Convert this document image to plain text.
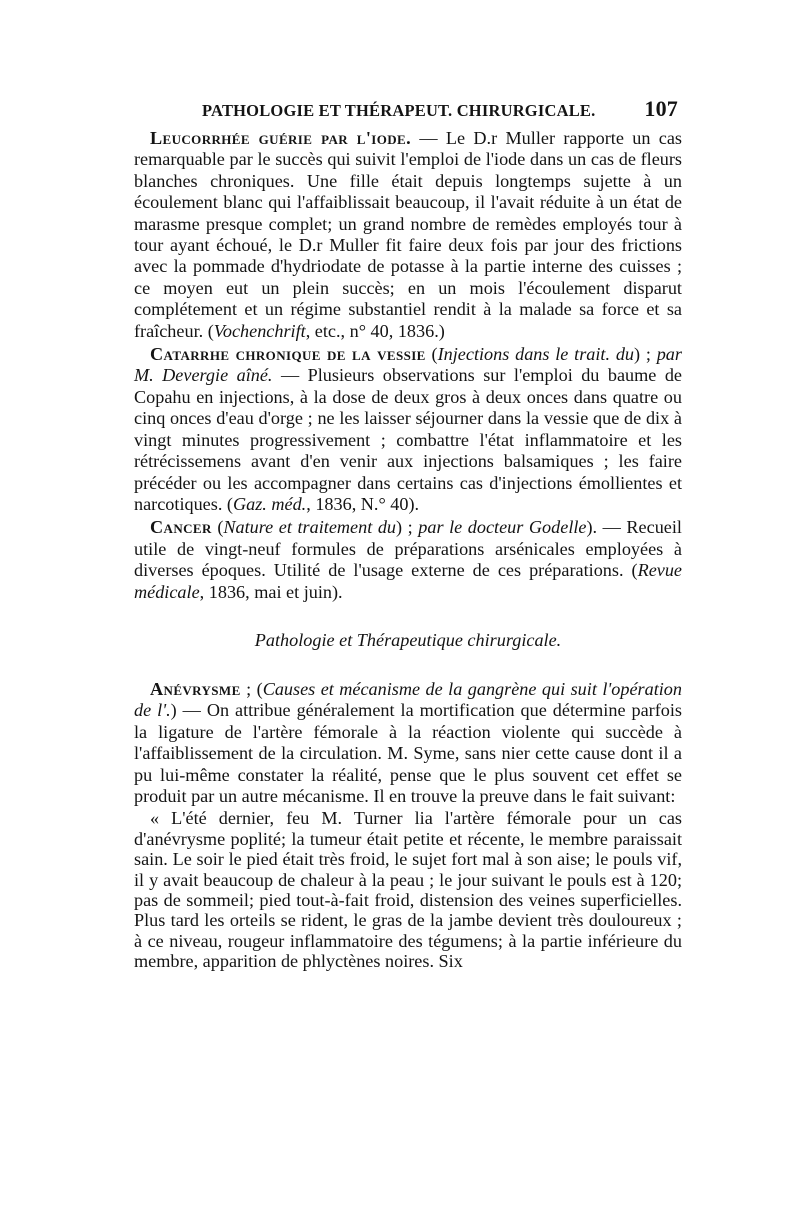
PATHOLOGIE ET THÉRAPEUT. CHIRURGICALE. 107

Leucorrhée guérie par l'iode. — Le D.r Muller rapporte un cas remarquable par le succès qui suivit l'emploi de l'iode dans un cas de fleurs blanches chroniques. Une fille était depuis longtemps sujette à un écoulement blanc qui l'affaiblissait beaucoup, il l'avait réduite à un état de marasme presque complet; un grand nombre de remèdes employés tour à tour ayant échoué, le D.r Muller fit faire deux fois par jour des frictions avec la pommade d'hydriodate de potasse à la partie interne des cuisses ; ce moyen eut un plein succès; en un mois l'écoulement disparut complétement et un régime substantiel rendit à la malade sa force et sa fraîcheur. (Vochenchrift, etc., n° 40, 1836.)

Catarrhe chronique de la vessie (Injections dans le trait. du) ; par M. Devergie aîné. — Plusieurs observations sur l'emploi du baume de Copahu en injections, à la dose de deux gros à deux onces dans quatre ou cinq onces d'eau d'orge ; ne les laisser séjourner dans la vessie que de dix à vingt minutes progressivement ; combattre l'état inflammatoire et les rétrécissemens avant d'en venir aux injections balsamiques ; les faire précéder ou les accompagner dans certains cas d'injections émollientes et narcotiques. (Gaz. méd., 1836, N.° 40).

Cancer (Nature et traitement du) ; par le docteur Godelle). — Recueil utile de vingt-neuf formules de préparations arsénicales employées à diverses époques. Utilité de l'usage externe de ces préparations. (Revue médicale, 1836, mai et juin).

Pathologie et Thérapeutique chirurgicale.

Anévrysme ; (Causes et mécanisme de la gangrène qui suit l'opération de l'.) — On attribue généralement la mortification que détermine parfois la ligature de l'artère fémorale à la réaction violente qui succède à l'affaiblissement de la circulation. M. Syme, sans nier cette cause dont il a pu lui-même constater la réalité, pense que le plus souvent cet effet se produit par un autre mécanisme. Il en trouve la preuve dans le fait suivant:

« L'été dernier, feu M. Turner lia l'artère fémorale pour un cas d'anévrysme poplité; la tumeur était petite et récente, le membre paraissait sain. Le soir le pied était très froid, le sujet fort mal à son aise; le pouls vif, il y avait beaucoup de chaleur à la peau ; le jour suivant le pouls est à 120; pas de sommeil; pied tout-à-fait froid, distension des veines superficielles. Plus tard les orteils se rident, le gras de la jambe devient très douloureux ; à ce niveau, rougeur inflammatoire des tégumens; à la partie inférieure du membre, apparition de phlyctènes noires. Six
